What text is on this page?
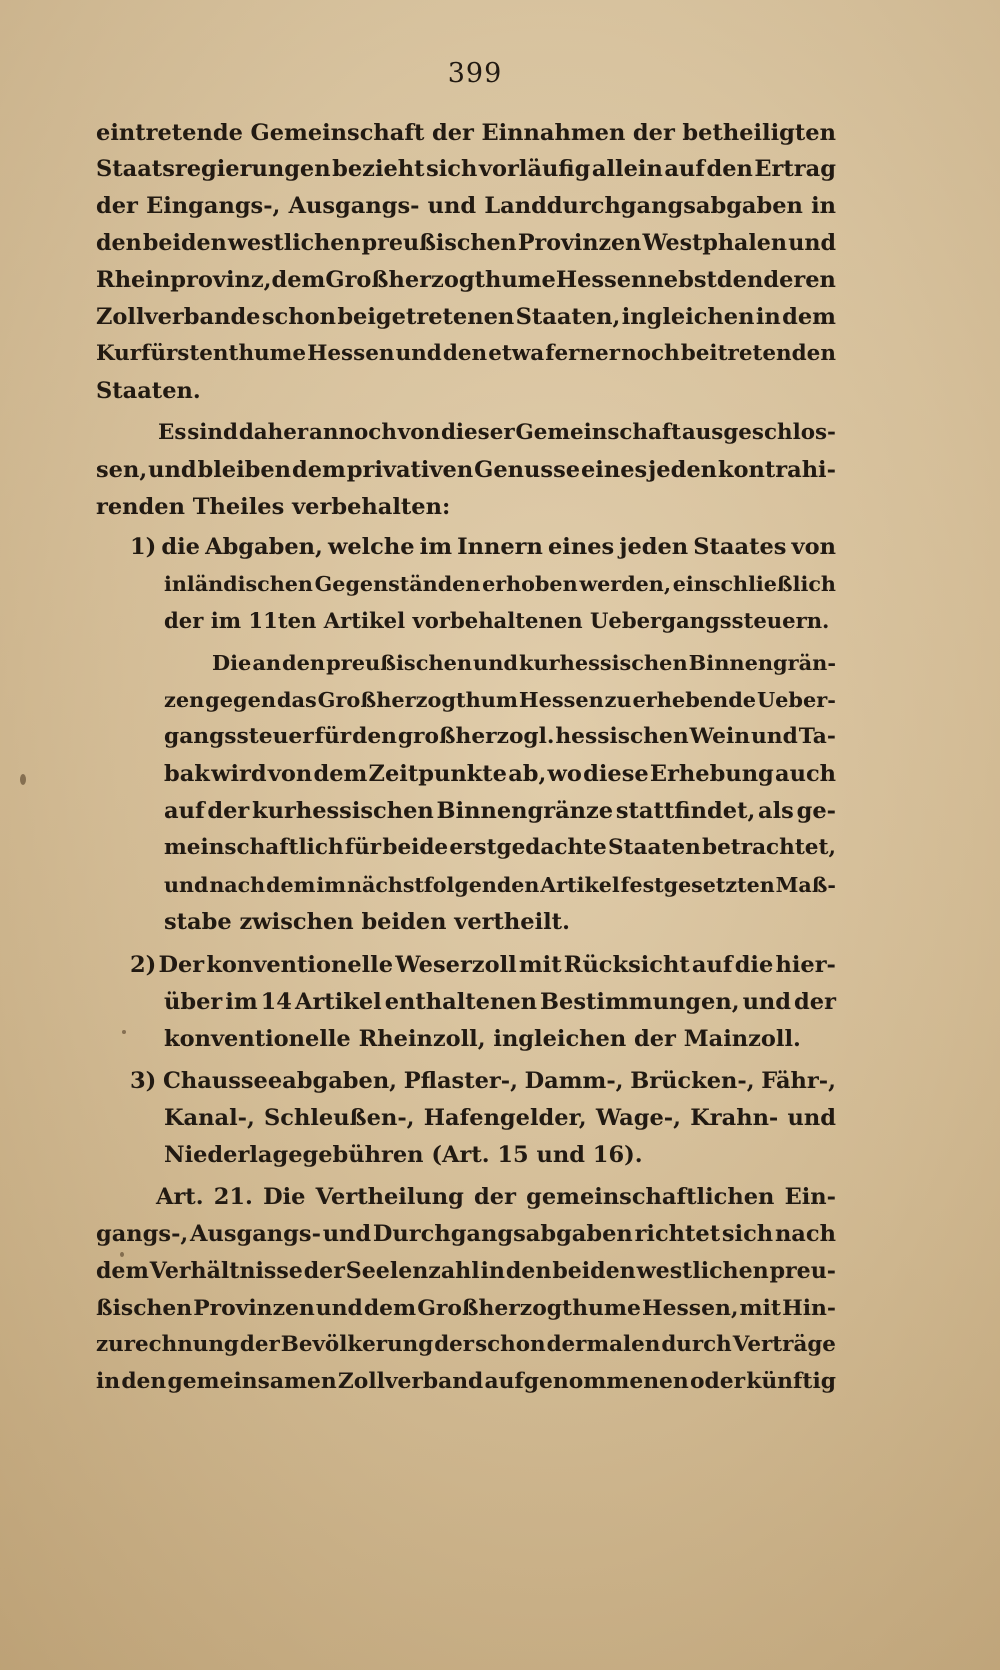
399
eintretende Gemeinschaft der Einnahmen der betheiligten
Staatsregierungen bezieht sich vorläufig allein auf den Ertrag
der Eingangs-, Ausgangs- und Landdurchgangsabgaben in
den beiden westlichen preußischen Provinzen Westphalen und
Rheinprovinz, dem Großherzogthume Hessen nebst den deren
Zollverbande schon beigetretenen Staaten, ingleichen in dem
Kurfürstenthume Hessen und den etwa ferner noch beitretenden
Staaten.
Es sind daher annoch von dieser Gemeinschaft ausgeschlos-
sen, und bleiben dem privativen Genusse eines jeden kontrahi-
renden Theiles verbehalten:
1) die Abgaben, welche im Innern eines jeden Staates von
inländischen Gegenständen erhoben werden, einschließlich
der im 11ten Artikel vorbehaltenen Uebergangssteuern.
Die an den preußischen und kurhessischen Binnengrän-
zen gegen das Großherzogthum Hessen zu erhebende Ueber-
gangssteuer für den großherzogl. hessischen Wein und Ta-
bak wird von dem Zeitpunkte ab, wo diese Erhebung auch
auf der kurhessischen Binnengränze stattfindet, als ge-
meinschaftlich für beide erstgedachte Staaten betrachtet,
und nach dem im nächstfolgenden Artikel festgesetzten Maß-
stabe zwischen beiden vertheilt.
2) Der konventionelle Weserzoll mit Rücksicht auf die hier-
über im 14 Artikel enthaltenen Bestimmungen, und der
konventionelle Rheinzoll, ingleichen der Mainzoll.
3) Chausseeabgaben, Pflaster-, Damm-, Brücken-, Fähr-,
Kanal-, Schleußen-, Hafengelder, Wage-, Krahn- und
Niederlagegebühren (Art. 15 und 16).
Art. 21. Die Vertheilung der gemeinschaftlichen Ein-
gangs-, Ausgangs- und Durchgangsabgaben richtet sich nach
dem Verhältnisse der Seelenzahl in den beiden westlichen preu-
ßischen Provinzen und dem Großherzogthume Hessen, mit Hin-
zurechnung der Bevölkerung der schon dermalen durch Verträge
in den gemeinsamen Zollverband aufgenommenen oder künftig
